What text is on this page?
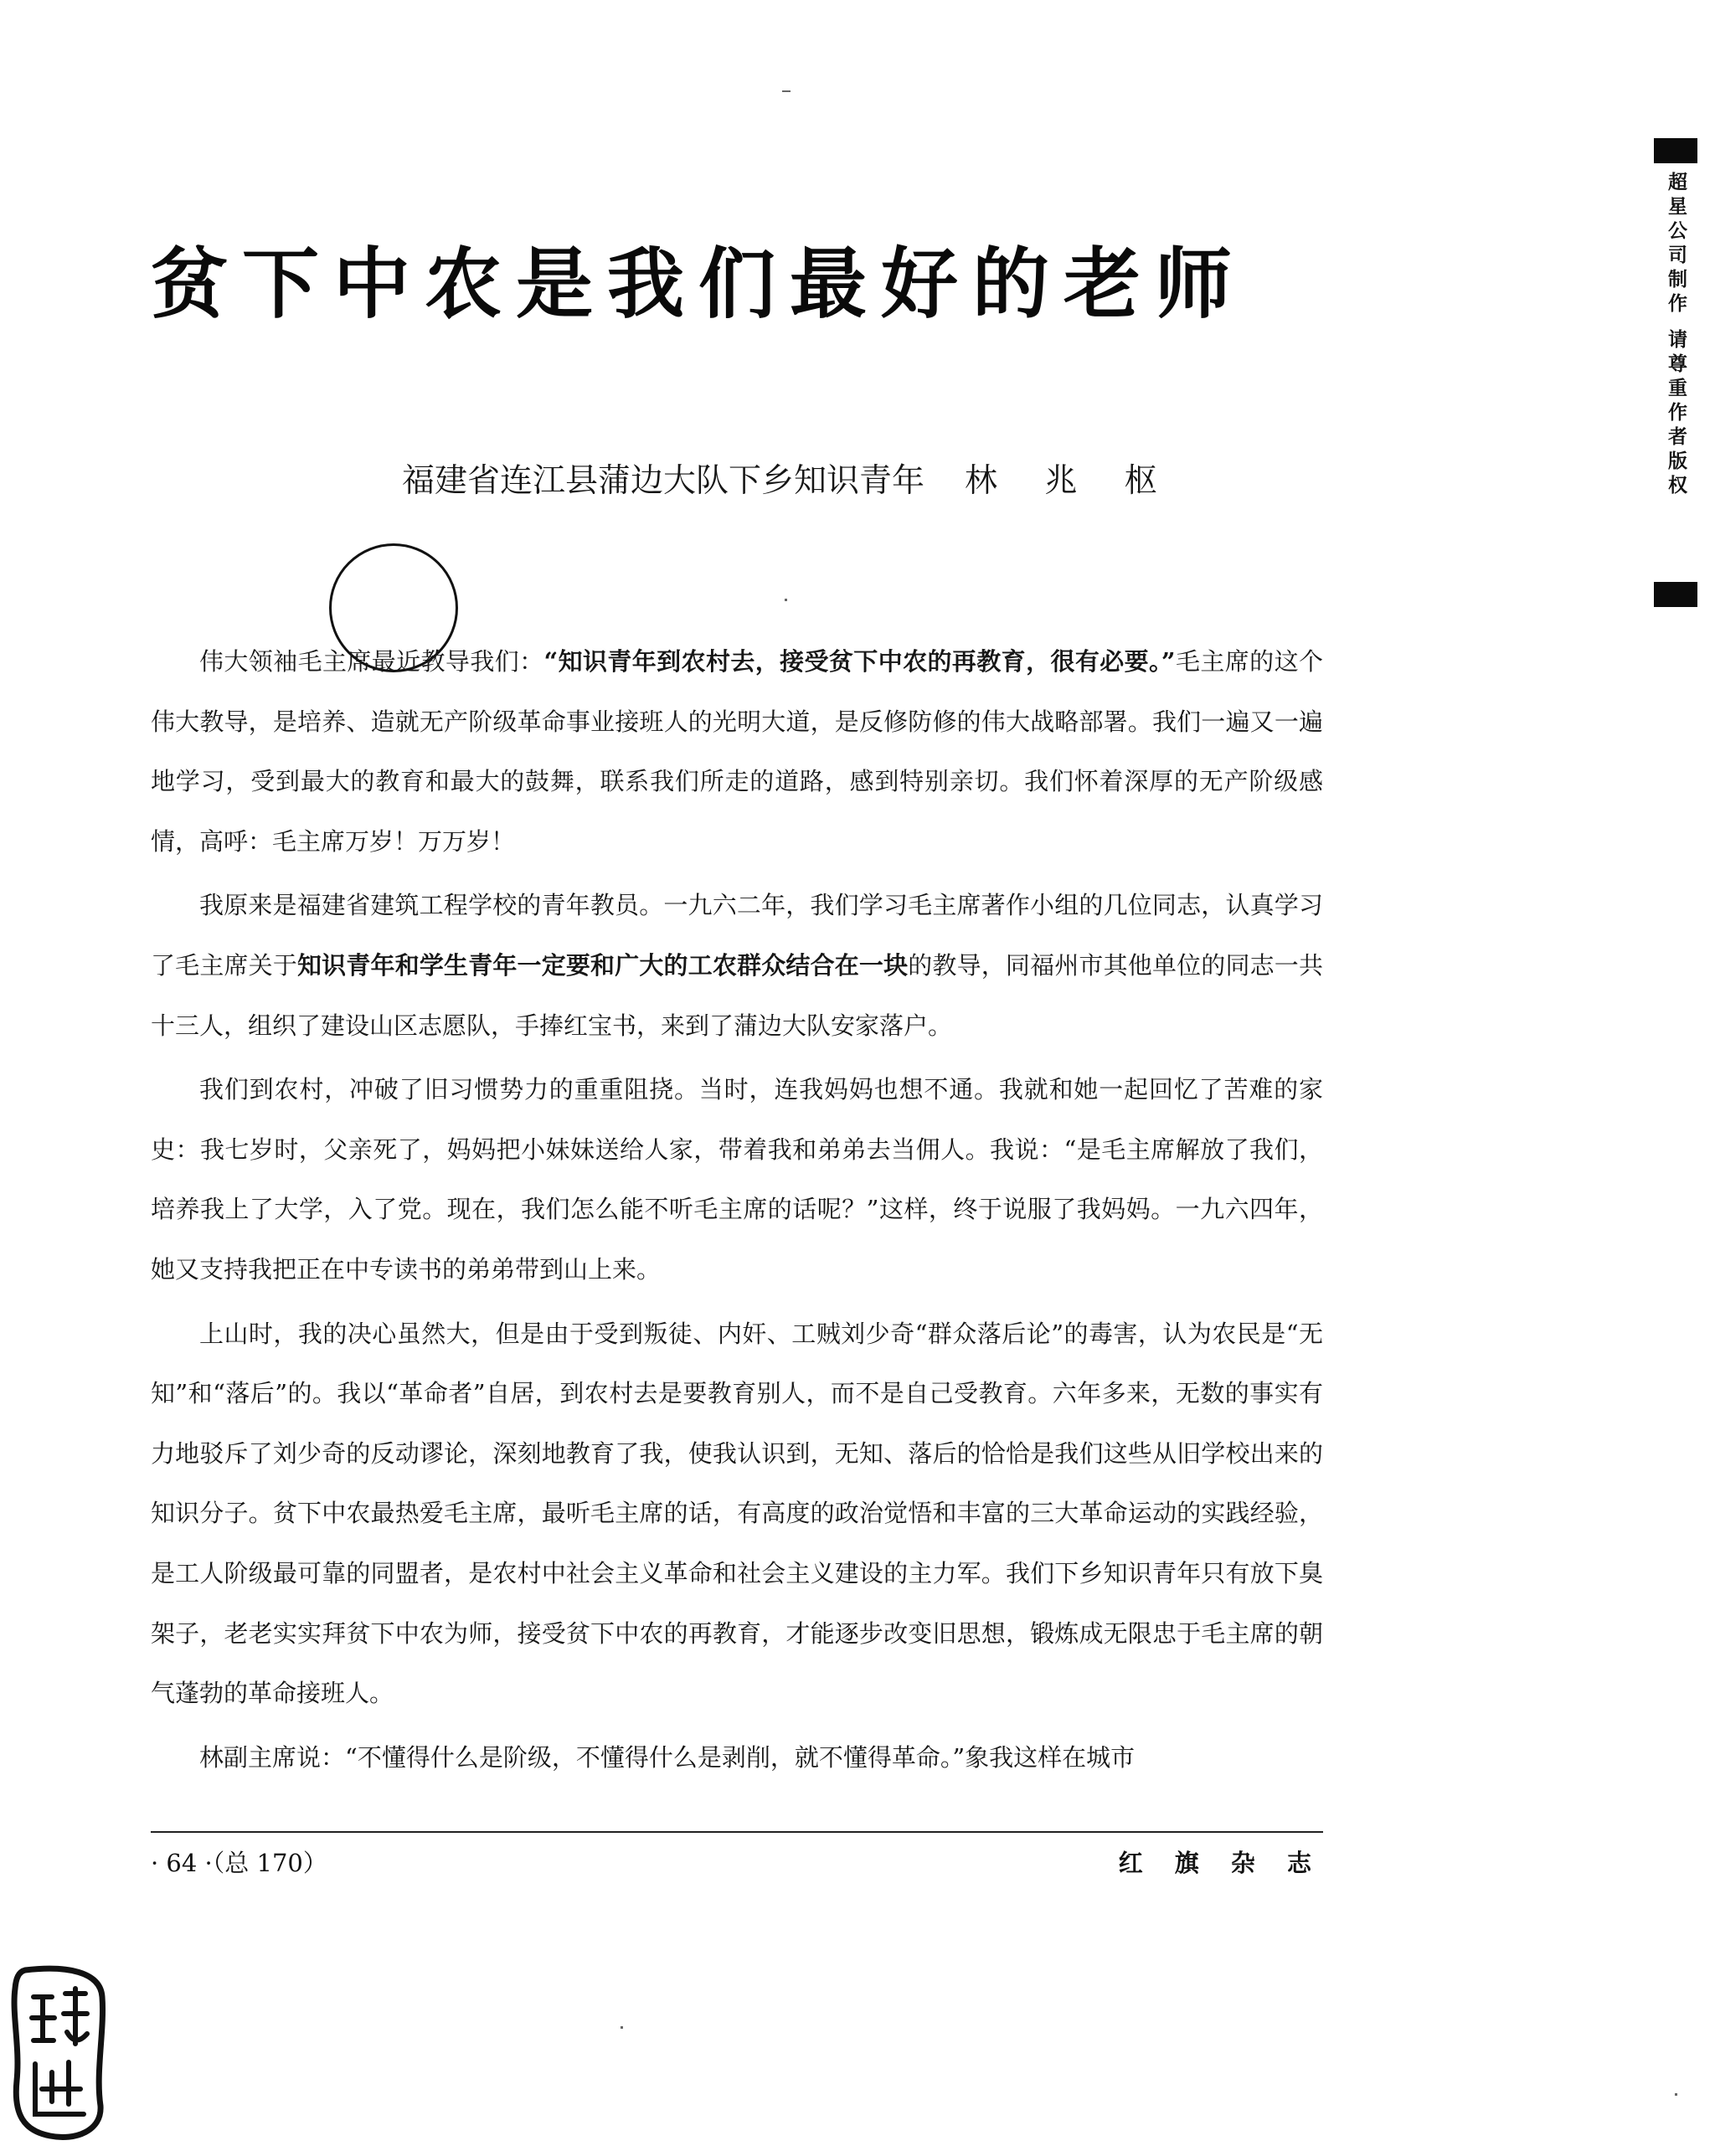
超星公司制作 请尊重作者版权
贫下中农是我们最好的老师
福建省连江县蒲边大队下乡知识青年 林 兆 枢

伟大领袖毛主席最近教导我们：“知识青年到农村去，接受贫下中农的再教育，很有必要。”毛主席的这个伟大教导，是培养、造就无产阶级革命事业接班人的光明大道，是反修防修的伟大战略部署。我们一遍又一遍地学习，受到最大的教育和最大的鼓舞，联系我们所走的道路，感到特别亲切。我们怀着深厚的无产阶级感情，高呼：毛主席万岁！万万岁！

我原来是福建省建筑工程学校的青年教员。一九六二年，我们学习毛主席著作小组的几位同志，认真学习了毛主席关于知识青年和学生青年一定要和广大的工农群众结合在一块的教导，同福州市其他单位的同志一共十三人，组织了建设山区志愿队，手捧红宝书，来到了蒲边大队安家落户。

我们到农村，冲破了旧习惯势力的重重阻挠。当时，连我妈妈也想不通。我就和她一起回忆了苦难的家史：我七岁时，父亲死了，妈妈把小妹妹送给人家，带着我和弟弟去当佣人。我说：“是毛主席解放了我们，培养我上了大学，入了党。现在，我们怎么能不听毛主席的话呢？”这样，终于说服了我妈妈。一九六四年，她又支持我把正在中专读书的弟弟带到山上来。

上山时，我的决心虽然大，但是由于受到叛徒、内奸、工贼刘少奇“群众落后论”的毒害，认为农民是“无知”和“落后”的。我以“革命者”自居，到农村去是要教育别人，而不是自己受教育。六年多来，无数的事实有力地驳斥了刘少奇的反动谬论，深刻地教育了我，使我认识到，无知、落后的恰恰是我们这些从旧学校出来的知识分子。贫下中农最热爱毛主席，最听毛主席的话，有高度的政治觉悟和丰富的三大革命运动的实践经验，是工人阶级最可靠的同盟者，是农村中社会主义革命和社会主义建设的主力军。我们下乡知识青年只有放下臭架子，老老实实拜贫下中农为师，接受贫下中农的再教育，才能逐步改变旧思想，锻炼成无限忠于毛主席的朝气蓬勃的革命接班人。

林副主席说：“不懂得什么是阶级，不懂得什么是剥削，就不懂得革命。”象我这样在城市

· 64 ·（总 170）	红 旗 杂 志
